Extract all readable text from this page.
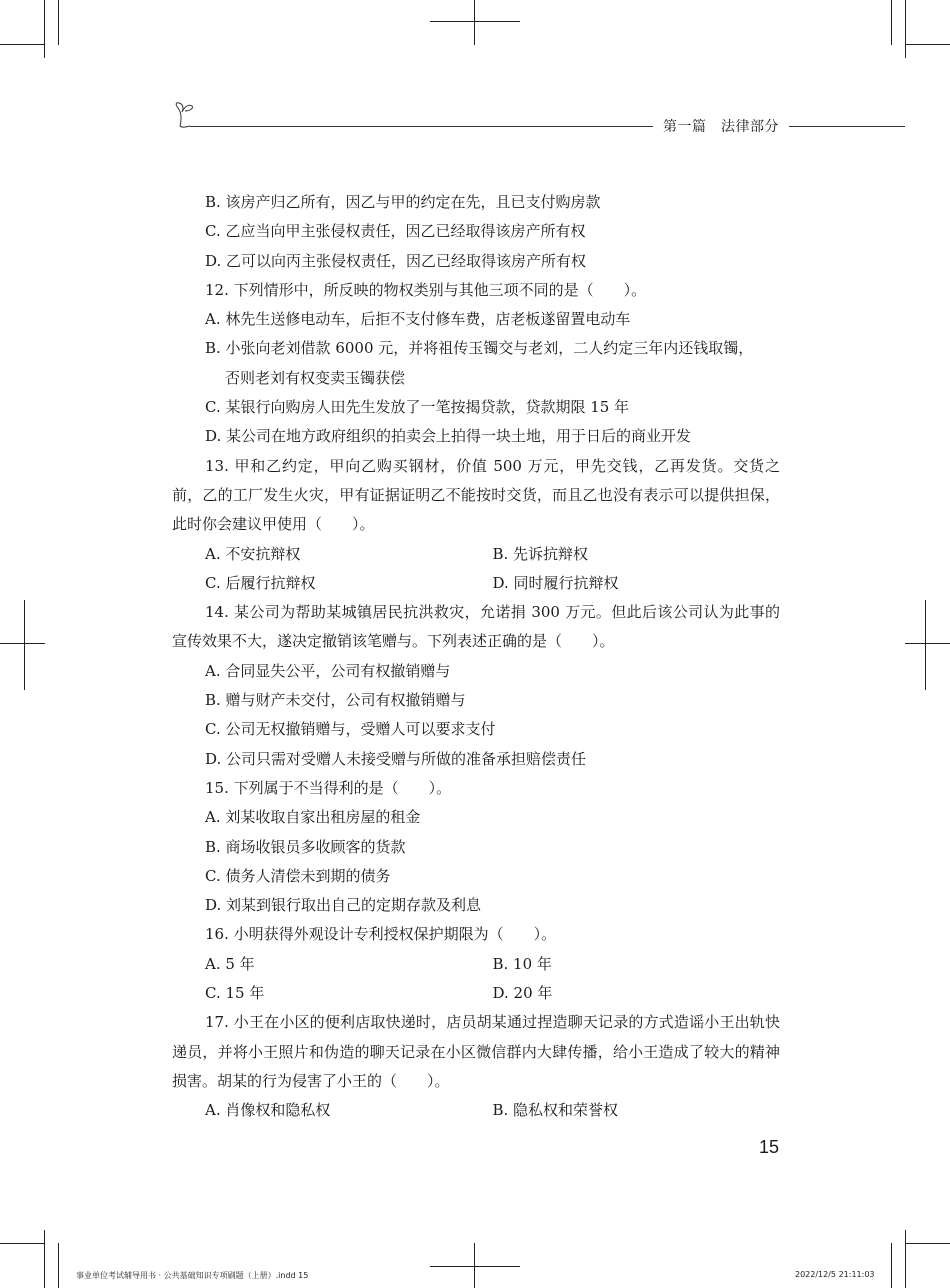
第一篇　法律部分
B. 该房产归乙所有，因乙与甲的约定在先，且已支付购房款
C. 乙应当向甲主张侵权责任，因乙已经取得该房产所有权
D. 乙可以向丙主张侵权责任，因乙已经取得该房产所有权
12. 下列情形中，所反映的物权类别与其他三项不同的是（　　）。
A. 林先生送修电动车，后拒不支付修车费，店老板遂留置电动车
B. 小张向老刘借款 6000 元，并将祖传玉镯交与老刘，二人约定三年内还钱取镯，
否则老刘有权变卖玉镯获偿
C. 某银行向购房人田先生发放了一笔按揭贷款，贷款期限 15 年
D. 某公司在地方政府组织的拍卖会上拍得一块土地，用于日后的商业开发
13. 甲和乙约定，甲向乙购买钢材，价值 500 万元，甲先交钱，乙再发货。交货之前，乙的工厂发生火灾，甲有证据证明乙不能按时交货，而且乙也没有表示可以提供担保，此时你会建议甲使用（　　）。
A. 不安抗辩权	B. 先诉抗辩权
C. 后履行抗辩权	D. 同时履行抗辩权
14. 某公司为帮助某城镇居民抗洪救灾，允诺捐 300 万元。但此后该公司认为此事的宣传效果不大，遂决定撤销该笔赠与。下列表述正确的是（　　）。
A. 合同显失公平，公司有权撤销赠与
B. 赠与财产未交付，公司有权撤销赠与
C. 公司无权撤销赠与，受赠人可以要求支付
D. 公司只需对受赠人未接受赠与所做的准备承担赔偿责任
15. 下列属于不当得利的是（　　）。
A. 刘某收取自家出租房屋的租金
B. 商场收银员多收顾客的货款
C. 债务人清偿未到期的债务
D. 刘某到银行取出自己的定期存款及利息
16. 小明获得外观设计专利授权保护期限为（　　）。
A. 5 年	B. 10 年
C. 15 年	D. 20 年
17. 小王在小区的便利店取快递时，店员胡某通过捏造聊天记录的方式造谣小王出轨快递员，并将小王照片和伪造的聊天记录在小区微信群内大肆传播，给小王造成了较大的精神损害。胡某的行为侵害了小王的（　　）。
A. 肖像权和隐私权	B. 隐私权和荣誉权
15
事业单位考试辅导用书 · 公共基础知识专项刷题（上册）.indd 15	2022/12/5 21:11:03
